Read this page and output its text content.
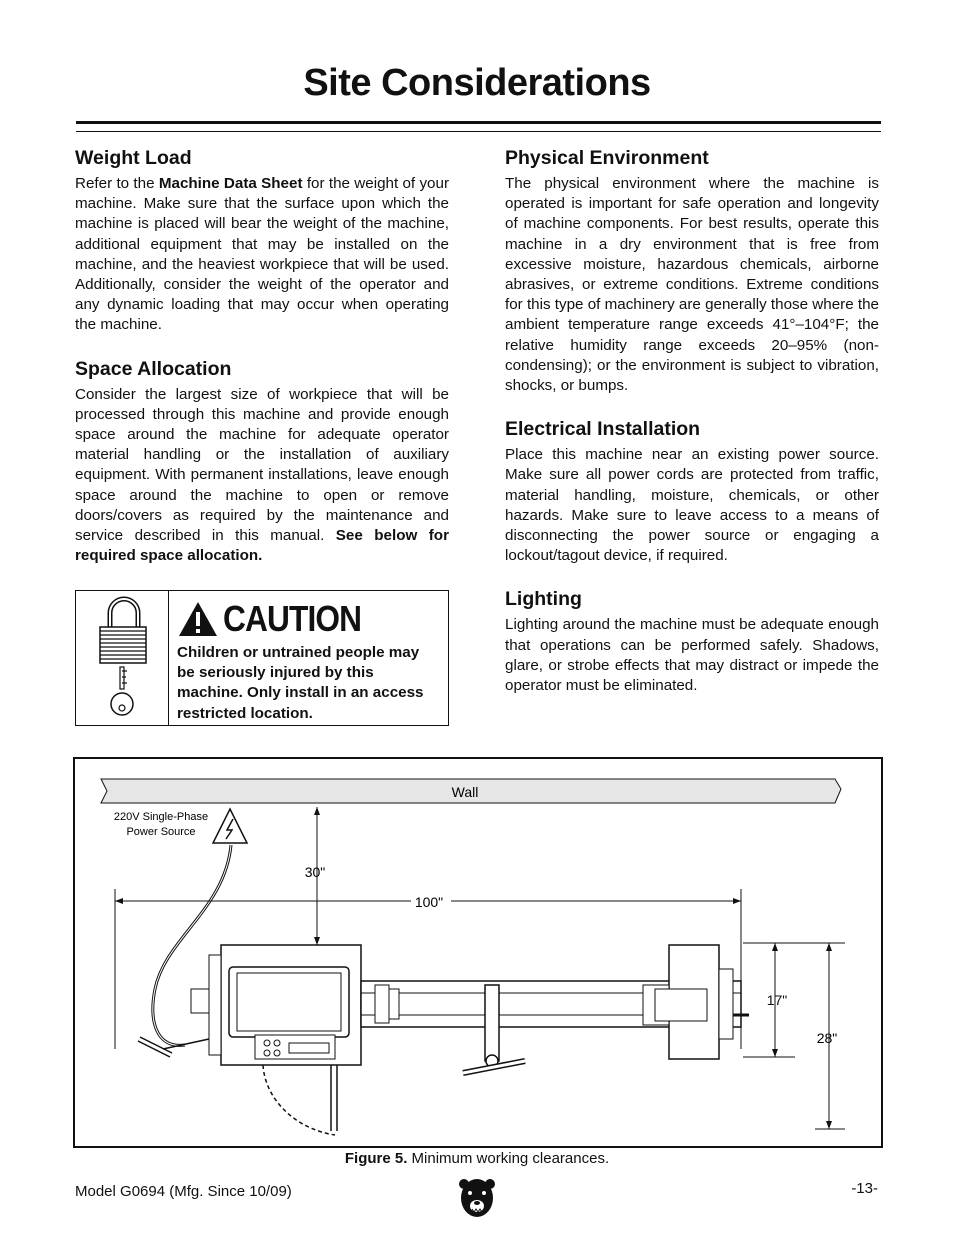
Site Considerations
Weight Load

Refer to the Machine Data Sheet for the weight of your machine. Make sure that the surface upon which the machine is placed will bear the weight of the machine, additional equipment that may be installed on the machine, and the heaviest workpiece that will be used. Additionally, consider the weight of the operator and any dynamic loading that may occur when operating the machine.

Space Allocation

Consider the largest size of workpiece that will be processed through this machine and provide enough space around the machine for adequate operator material handling or the installation of auxiliary equipment. With permanent installations, leave enough space around the machine to open or remove doors/covers as required by the maintenance and service described in this manual. See below for required space allocation.

CAUTION
Children or untrained people may be seriously injured by this machine. Only install in an access restricted location.
Physical Environment

The physical environment where the machine is operated is important for safe operation and longevity of machine components. For best results, operate this machine in a dry environment that is free from excessive moisture, hazardous chemicals, airborne abrasives, or extreme conditions. Extreme conditions for this type of machinery are generally those where the ambient temperature range exceeds 41°–104°F; the relative humidity range exceeds 20–95% (non-condensing); or the environment is subject to vibration, shocks, or bumps.

Electrical Installation

Place this machine near an existing power source. Make sure all power cords are protected from traffic, material handling, moisture, chemicals, or other hazards. Make sure to leave access to a means of disconnecting the power source or engaging a lockout/tagout device, if required.

Lighting

Lighting around the machine must be adequate enough that operations can be performed safely. Shadows, glare, or strobe effects that may distract or impede the operator must be eliminated.

Wall
220V Single-Phase
Power Source
30"
100"
17"
28"
Figure 5. Minimum working clearances.
Model G0694 (Mfg. Since 10/09)	-13-
